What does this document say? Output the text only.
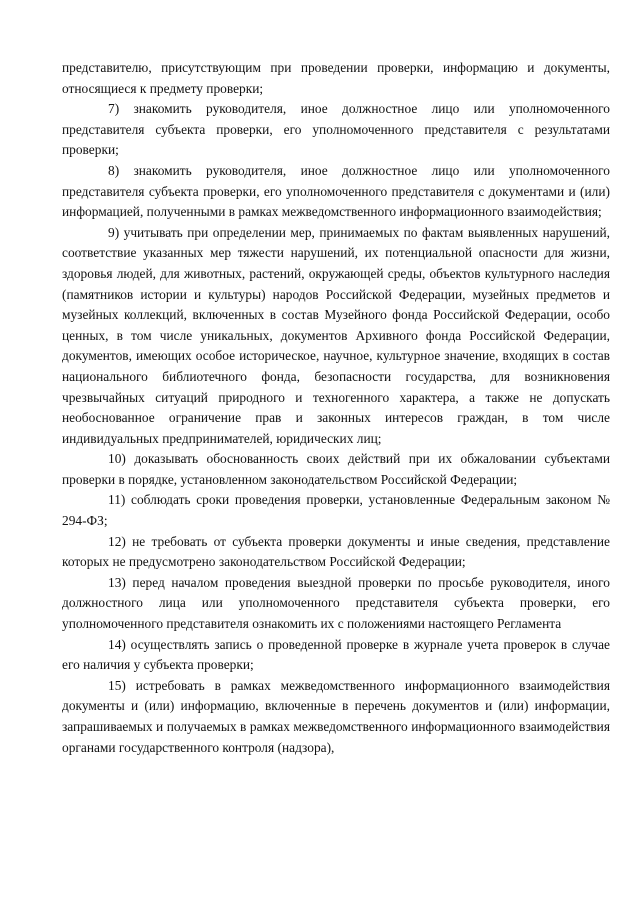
представителю, присутствующим при проведении проверки, информацию и документы, относящиеся к предмету проверки;

7) знакомить руководителя, иное должностное лицо или уполномоченного представителя субъекта проверки, его уполномоченного представителя с результатами проверки;

8) знакомить руководителя, иное должностное лицо или уполномоченного представителя субъекта проверки, его уполномоченного представителя с документами и (или) информацией, полученными в рамках межведомственного информационного взаимодействия;

9) учитывать при определении мер, принимаемых по фактам выявленных нарушений, соответствие указанных мер тяжести нарушений, их потенциальной опасности для жизни, здоровья людей, для животных, растений, окружающей среды, объектов культурного наследия (памятников истории и культуры) народов Российской Федерации, музейных предметов и музейных коллекций, включенных в состав Музейного фонда Российской Федерации, особо ценных, в том числе уникальных, документов Архивного фонда Российской Федерации, документов, имеющих особое историческое, научное, культурное значение, входящих в состав национального библиотечного фонда, безопасности государства, для возникновения чрезвычайных ситуаций природного и техногенного характера, а также не допускать необоснованное ограничение прав и законных интересов граждан, в том числе индивидуальных предпринимателей, юридических лиц;

10) доказывать обоснованность своих действий при их обжаловании субъектами проверки в порядке, установленном законодательством Российской Федерации;

11) соблюдать сроки проведения проверки, установленные Федеральным законом № 294-ФЗ;

12) не требовать от субъекта проверки документы и иные сведения, представление которых не предусмотрено законодательством Российской Федерации;

13) перед началом проведения выездной проверки по просьбе руководителя, иного должностного лица или уполномоченного представителя субъекта проверки, его уполномоченного представителя ознакомить их с положениями настоящего Регламента

14) осуществлять запись о проведенной проверке в журнале учета проверок в случае его наличия у субъекта проверки;

15) истребовать в рамках межведомственного информационного взаимодействия документы и (или) информацию, включенные в перечень документов и (или) информации, запрашиваемых и получаемых в рамках межведомственного информационного взаимодействия органами государственного контроля (надзора),
